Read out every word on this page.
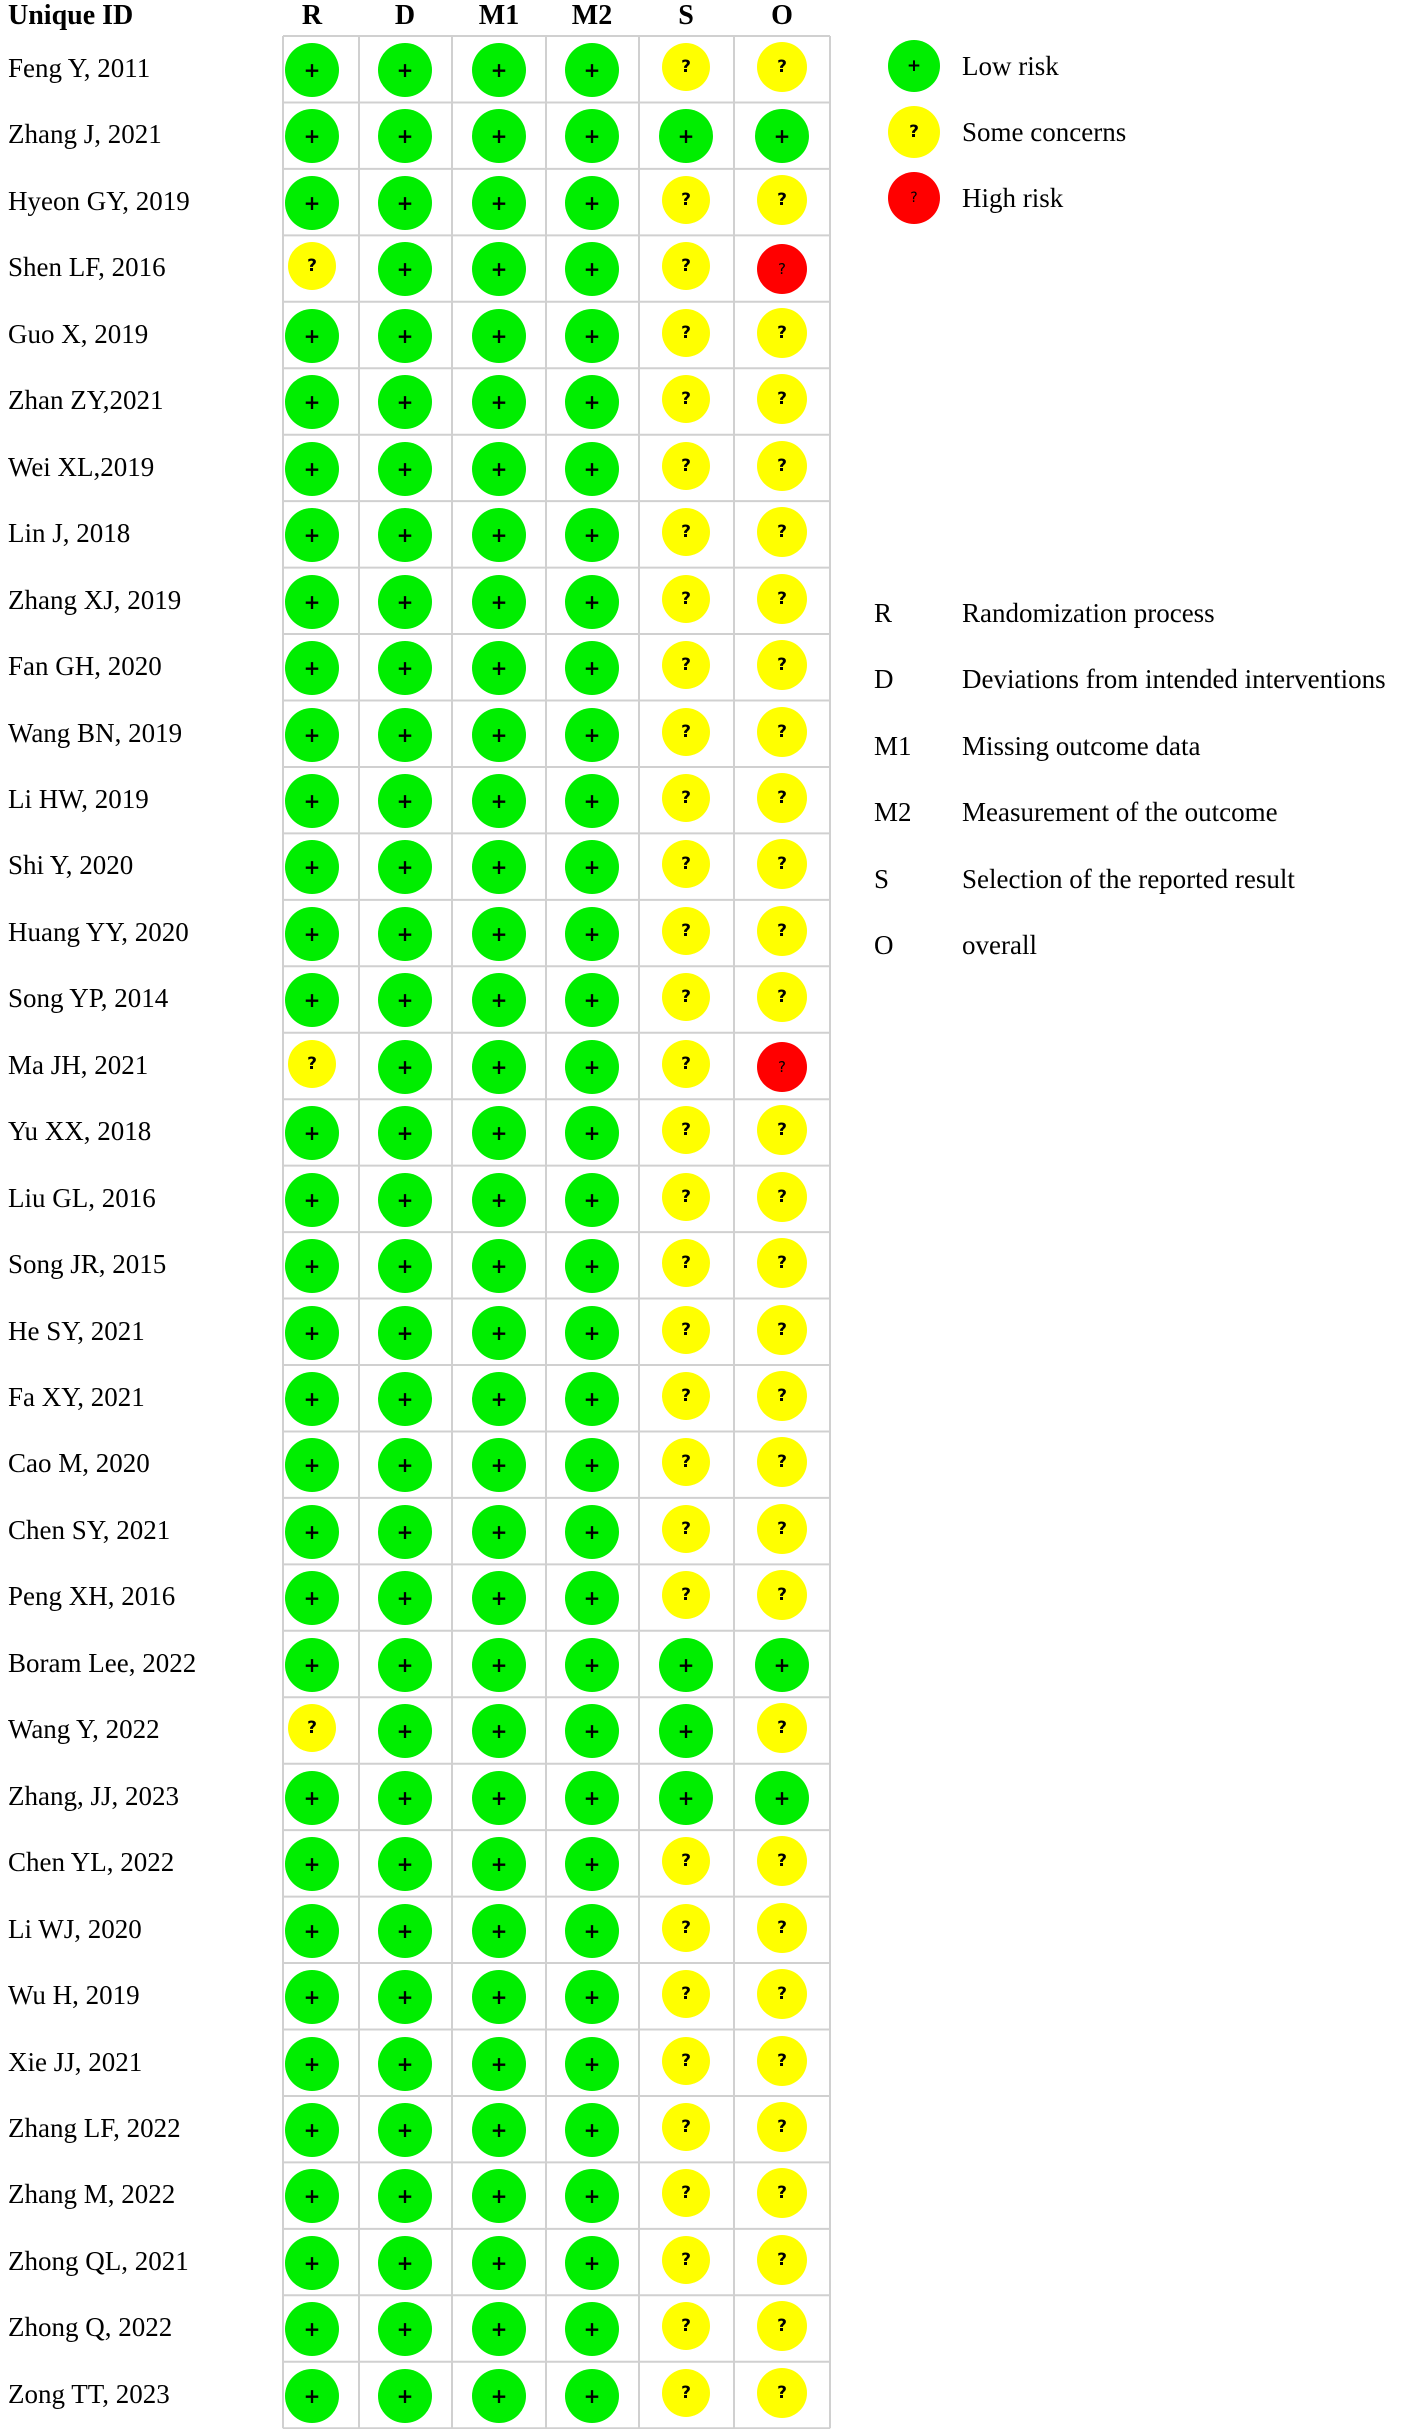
Unique ID	R	D	M1	M2	S	O
Feng Y, 2011	+	+	+	+	?	?
Zhang J, 2021	+	+	+	+	+	+
Hyeon GY, 2019	+	+	+	+	?	?
Shen LF, 2016	?	+	+	+	?	?
Guo X, 2019	+	+	+	+	?	?
Zhan ZY,2021	+	+	+	+	?	?
Wei XL,2019	+	+	+	+	?	?
Lin J, 2018	+	+	+	+	?	?
Zhang XJ, 2019	+	+	+	+	?	?
Fan GH, 2020	+	+	+	+	?	?
Wang BN, 2019	+	+	+	+	?	?
Li HW, 2019	+	+	+	+	?	?
Shi Y, 2020	+	+	+	+	?	?
Huang YY, 2020	+	+	+	+	?	?
Song YP, 2014	+	+	+	+	?	?
Ma JH, 2021	?	+	+	+	?	?
Yu XX, 2018	+	+	+	+	?	?
Liu GL, 2016	+	+	+	+	?	?
Song JR, 2015	+	+	+	+	?	?
He SY, 2021	+	+	+	+	?	?
Fa XY, 2021	+	+	+	+	?	?
Cao M, 2020	+	+	+	+	?	?
Chen SY, 2021	+	+	+	+	?	?
Peng XH, 2016	+	+	+	+	?	?
Boram Lee, 2022	+	+	+	+	+	+
Wang Y, 2022	?	+	+	+	+	?
Zhang, JJ, 2023	+	+	+	+	+	+
Chen YL, 2022	+	+	+	+	?	?
Li WJ, 2020	+	+	+	+	?	?
Wu H, 2019	+	+	+	+	?	?
Xie JJ, 2021	+	+	+	+	?	?
Zhang LF, 2022	+	+	+	+	?	?
Zhang M, 2022	+	+	+	+	?	?
Zhong QL, 2021	+	+	+	+	?	?
Zhong Q, 2022	+	+	+	+	?	?
Zong TT, 2023	+	+	+	+	?	?
+	Low risk
?	Some concerns
?	High risk
R	Randomization process
D	Deviations from intended interventions
M1 Missing outcome data
M2 Measurement of the outcome
S	Selection of the reported result
O	overall
